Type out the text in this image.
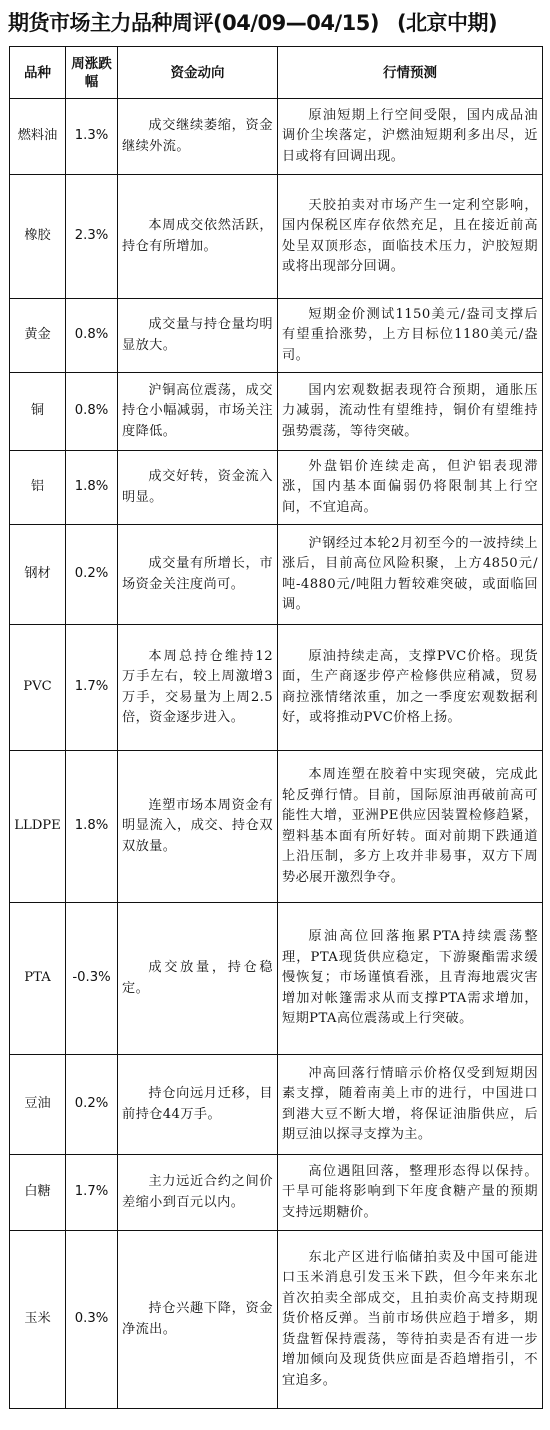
期货市场主力品种周评(04/09—04/15) (北京中期)
品种	周涨跌幅	资金动向	行情预测
燃料油	1.3%	成交继续萎缩，资金继续外流。	原油短期上行空间受限，国内成品油调价尘埃落定，沪燃油短期利多出尽，近日或将有回调出现。
橡胶	2.3%	本周成交依然活跃，持仓有所增加。	天胶拍卖对市场产生一定利空影响，国内保税区库存依然充足，且在接近前高处呈双顶形态，面临技术压力，沪胶短期或将出现部分回调。
黄金	0.8%	成交量与持仓量均明显放大。	短期金价测试1150美元/盎司支撑后有望重拾涨势，上方目标位1180美元/盎司。
铜	0.8%	沪铜高位震荡，成交持仓小幅减弱，市场关注度降低。	国内宏观数据表现符合预期，通胀压力减弱，流动性有望维持，铜价有望维持强势震荡，等待突破。
铝	1.8%	成交好转，资金流入明显。	外盘铝价连续走高，但沪铝表现滞涨，国内基本面偏弱仍将限制其上行空间，不宜追高。
钢材	0.2%	成交量有所增长，市场资金关注度尚可。	沪钢经过本轮2月初至今的一波持续上涨后，目前高位风险积聚，上方4850元/吨-4880元/吨阻力暂较难突破，或面临回调。
PVC	1.7%	本周总持仓维持12万手左右，较上周激增3万手，交易量为上周2.5倍，资金逐步进入。	原油持续走高，支撑PVC价格。现货面，生产商逐步停产检修供应稍减，贸易商拉涨情绪浓重，加之一季度宏观数据利好，或将推动PVC价格上扬。
LLDPE	1.8%	连塑市场本周资金有明显流入，成交、持仓双双放量。	本周连塑在胶着中实现突破，完成此轮反弹行情。目前，国际原油再破前高可能性大增，亚洲PE供应因装置检修趋紧，塑料基本面有所好转。面对前期下跌通道上沿压制，多方上攻并非易事，双方下周势必展开激烈争夺。
PTA	-0.3%	成交放量，持仓稳定。	原油高位回落拖累PTA持续震荡整理，PTA现货供应稳定，下游聚酯需求缓慢恢复；市场谨慎看涨，且青海地震灾害增加对帐篷需求从而支撑PTA需求增加，短期PTA高位震荡或上行突破。
豆油	0.2%	持仓向远月迁移，目前持仓44万手。	冲高回落行情暗示价格仅受到短期因素支撑，随着南美上市的进行，中国进口到港大豆不断大增，将保证油脂供应，后期豆油以探寻支撑为主。
白糖	1.7%	主力远近合约之间价差缩小到百元以内。	高位遇阻回落，整理形态得以保持。干旱可能将影响到下年度食糖产量的预期支持远期糖价。
玉米	0.3%	持仓兴趣下降，资金净流出。	东北产区进行临储拍卖及中国可能进口玉米消息引发玉米下跌，但今年来东北首次拍卖全部成交，且拍卖价高支持期现货价格反弹。当前市场供应趋于增多，期货盘暂保持震荡，等待拍卖是否有进一步增加倾向及现货供应面是否趋增指引，不宜追多。
